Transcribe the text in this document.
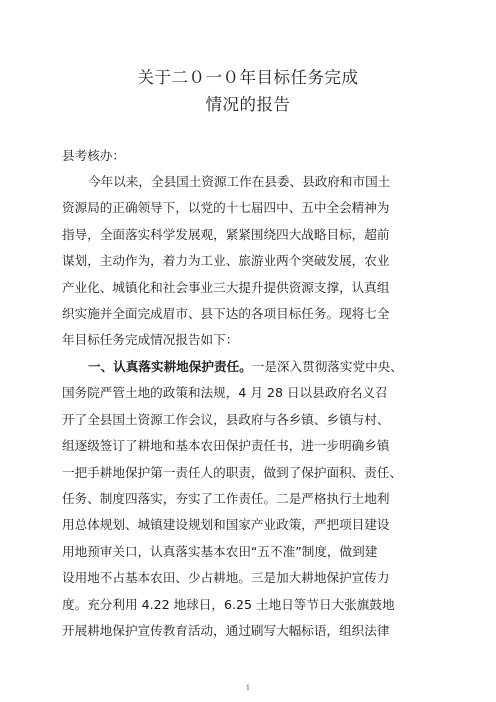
关于二０一０年目标任务完成
情况的报告
县考核办：
今年以来，全县国土资源工作在县委、县政府和市国土
资源局的正确领导下，以党的十七届四中、五中全会精神为
指导，全面落实科学发展观，紧紧围绕四大战略目标，超前
谋划，主动作为，着力为工业、旅游业两个突破发展，农业
产业化、城镇化和社会事业三大提升提供资源支撑，认真组
织实施并全面完成眉市、县下达的各项目标任务。现将七全
年目标任务完成情况报告如下：
一、认真落实耕地保护责任。一是深入贯彻落实党中央、
国务院严管土地的政策和法规，4 月 28 日以县政府名义召
开了全县国土资源工作会议，县政府与各乡镇、乡镇与村、
组逐级签订了耕地和基本农田保护责任书，进一步明确乡镇
一把手耕地保护第一责任人的职责，做到了保护面积、责任、
任务、制度四落实，夯实了工作责任。二是严格执行土地利
用总体规划、城镇建设规划和国家产业政策，严把项目建设
用地预审关口，认真落实基本农田“五不准”制度，做到建
设用地不占基本农田、少占耕地。三是加大耕地保护宣传力
度。充分利用 4.22 地球日，6.25 土地日等节日大张旗鼓地
开展耕地保护宣传教育活动，通过刷写大幅标语，组织法律
1
